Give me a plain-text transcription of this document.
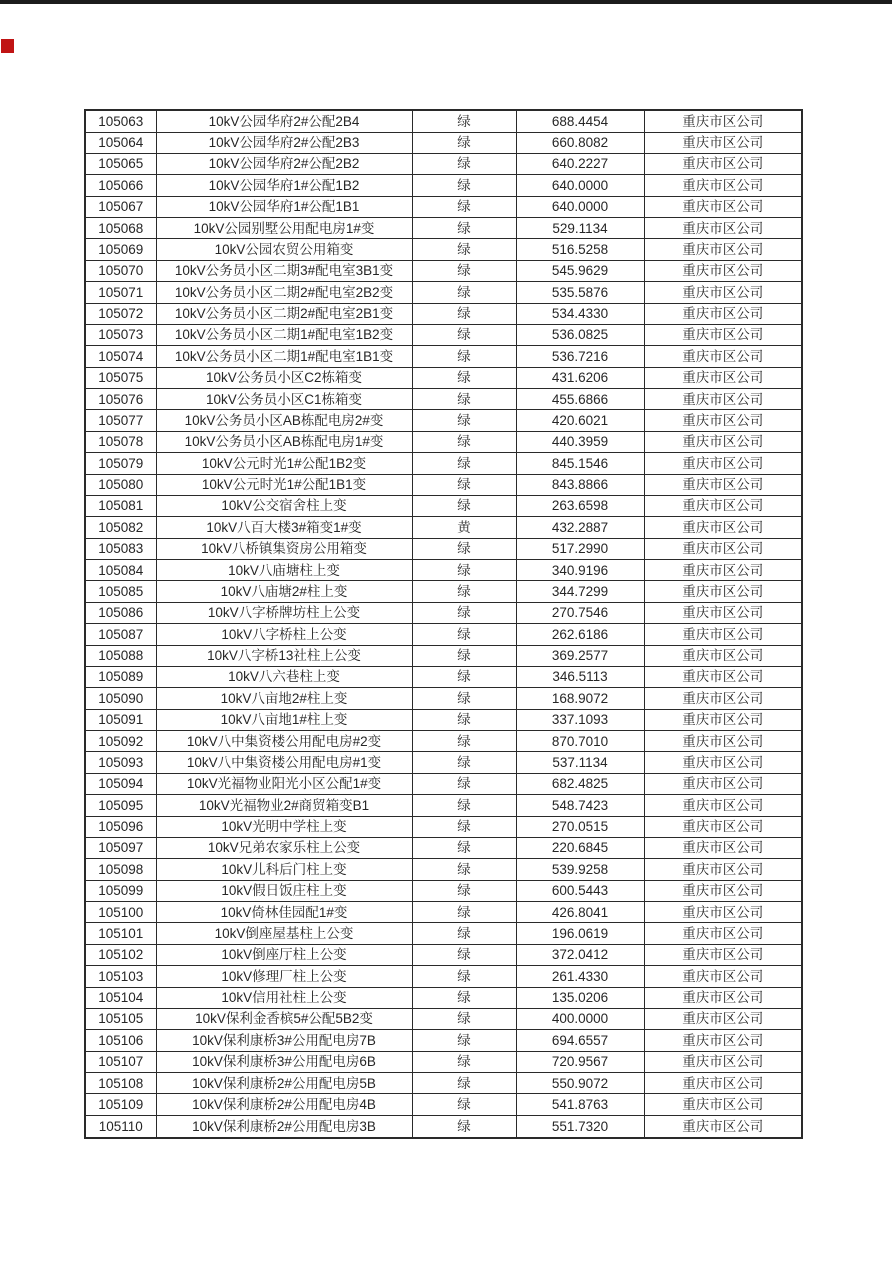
105063	10kV公园华府2#公配2B4	绿	688.4454	重庆市区公司
105064	10kV公园华府2#公配2B3	绿	660.8082	重庆市区公司
105065	10kV公园华府2#公配2B2	绿	640.2227	重庆市区公司
105066	10kV公园华府1#公配1B2	绿	640.0000	重庆市区公司
105067	10kV公园华府1#公配1B1	绿	640.0000	重庆市区公司
105068	10kV公园别墅公用配电房1#变	绿	529.1134	重庆市区公司
105069	10kV公园农贸公用箱变	绿	516.5258	重庆市区公司
105070	10kV公务员小区二期3#配电室3B1变	绿	545.9629	重庆市区公司
105071	10kV公务员小区二期2#配电室2B2变	绿	535.5876	重庆市区公司
105072	10kV公务员小区二期2#配电室2B1变	绿	534.4330	重庆市区公司
105073	10kV公务员小区二期1#配电室1B2变	绿	536.0825	重庆市区公司
105074	10kV公务员小区二期1#配电室1B1变	绿	536.7216	重庆市区公司
105075	10kV公务员小区C2栋箱变	绿	431.6206	重庆市区公司
105076	10kV公务员小区C1栋箱变	绿	455.6866	重庆市区公司
105077	10kV公务员小区AB栋配电房2#变	绿	420.6021	重庆市区公司
105078	10kV公务员小区AB栋配电房1#变	绿	440.3959	重庆市区公司
105079	10kV公元时光1#公配1B2变	绿	845.1546	重庆市区公司
105080	10kV公元时光1#公配1B1变	绿	843.8866	重庆市区公司
105081	10kV公交宿舍柱上变	绿	263.6598	重庆市区公司
105082	10kV八百大楼3#箱变1#变	黄	432.2887	重庆市区公司
105083	10kV八桥镇集资房公用箱变	绿	517.2990	重庆市区公司
105084	10kV八庙塘柱上变	绿	340.9196	重庆市区公司
105085	10kV八庙塘2#柱上变	绿	344.7299	重庆市区公司
105086	10kV八字桥牌坊柱上公变	绿	270.7546	重庆市区公司
105087	10kV八字桥柱上公变	绿	262.6186	重庆市区公司
105088	10kV八字桥13社柱上公变	绿	369.2577	重庆市区公司
105089	10kV八六巷柱上变	绿	346.5113	重庆市区公司
105090	10kV八亩地2#柱上变	绿	168.9072	重庆市区公司
105091	10kV八亩地1#柱上变	绿	337.1093	重庆市区公司
105092	10kV八中集资楼公用配电房#2变	绿	870.7010	重庆市区公司
105093	10kV八中集资楼公用配电房#1变	绿	537.1134	重庆市区公司
105094	10kV光福物业阳光小区公配1#变	绿	682.4825	重庆市区公司
105095	10kV光福物业2#商贸箱变B1	绿	548.7423	重庆市区公司
105096	10kV光明中学柱上变	绿	270.0515	重庆市区公司
105097	10kV兄弟农家乐柱上公变	绿	220.6845	重庆市区公司
105098	10kV儿科后门柱上变	绿	539.9258	重庆市区公司
105099	10kV假日饭庄柱上变	绿	600.5443	重庆市区公司
105100	10kV倚林佳园配1#变	绿	426.8041	重庆市区公司
105101	10kV倒座屋基柱上公变	绿	196.0619	重庆市区公司
105102	10kV倒座厅柱上公变	绿	372.0412	重庆市区公司
105103	10kV修理厂柱上公变	绿	261.4330	重庆市区公司
105104	10kV信用社柱上公变	绿	135.0206	重庆市区公司
105105	10kV保利金香槟5#公配5B2变	绿	400.0000	重庆市区公司
105106	10kV保利康桥3#公用配电房7B	绿	694.6557	重庆市区公司
105107	10kV保利康桥3#公用配电房6B	绿	720.9567	重庆市区公司
105108	10kV保利康桥2#公用配电房5B	绿	550.9072	重庆市区公司
105109	10kV保利康桥2#公用配电房4B	绿	541.8763	重庆市区公司
105110	10kV保利康桥2#公用配电房3B	绿	551.7320	重庆市区公司
